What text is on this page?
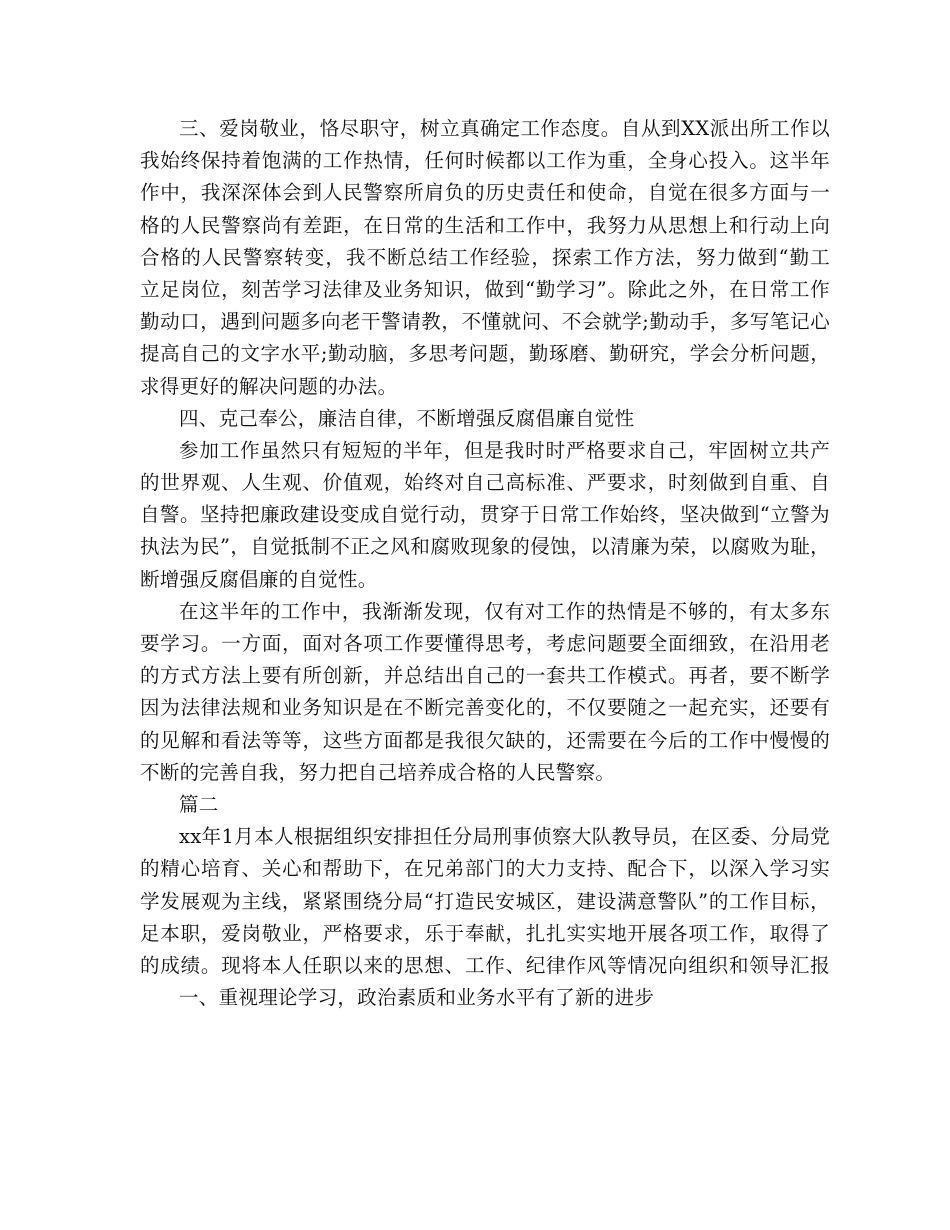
三、爱岗敬业，恪尽职守，树立真确定工作态度。自从到XX派出所工作以
我始终保持着饱满的工作热情，任何时候都以工作为重，全身心投入。这半年
作中，我深深体会到人民警察所肩负的历史责任和使命，自觉在很多方面与一
格的人民警察尚有差距，在日常的生活和工作中，我努力从思想上和行动上向
合格的人民警察转变，我不断总结工作经验，探索工作方法，努力做到“勤工
立足岗位，刻苦学习法律及业务知识，做到“勤学习”。除此之外，在日常工作
勤动口，遇到问题多向老干警请教，不懂就问、不会就学;勤动手，多写笔记心
提高自己的文字水平;勤动脑，多思考问题，勤琢磨、勤研究，学会分析问题，
求得更好的解决问题的办法。
四、克己奉公，廉洁自律，不断增强反腐倡廉自觉性
参加工作虽然只有短短的半年，但是我时时严格要求自己，牢固树立共产
的世界观、人生观、价值观，始终对自己高标准、严要求，时刻做到自重、自
自警。坚持把廉政建设变成自觉行动，贯穿于日常工作始终，坚决做到“立警为
执法为民”，自觉抵制不正之风和腐败现象的侵蚀，以清廉为荣，以腐败为耻，
断增强反腐倡廉的自觉性。
在这半年的工作中，我渐渐发现，仅有对工作的热情是不够的，有太多东
要学习。一方面，面对各项工作要懂得思考，考虑问题要全面细致，在沿用老
的方式方法上要有所创新，并总结出自己的一套共工作模式。再者，要不断学
因为法律法规和业务知识是在不断完善变化的，不仅要随之一起充实，还要有
的见解和看法等等，这些方面都是我很欠缺的，还需要在今后的工作中慢慢的
不断的完善自我，努力把自己培养成合格的人民警察。
篇二
xx年1月本人根据组织安排担任分局刑事侦察大队教导员，在区委、分局党
的精心培育、关心和帮助下，在兄弟部门的大力支持、配合下，以深入学习实
学发展观为主线，紧紧围绕分局“打造民安城区，建设满意警队”的工作目标，
足本职，爱岗敬业，严格要求，乐于奉献，扎扎实实地开展各项工作，取得了
的成绩。现将本人任职以来的思想、工作、纪律作风等情况向组织和领导汇报
一、重视理论学习，政治素质和业务水平有了新的进步
